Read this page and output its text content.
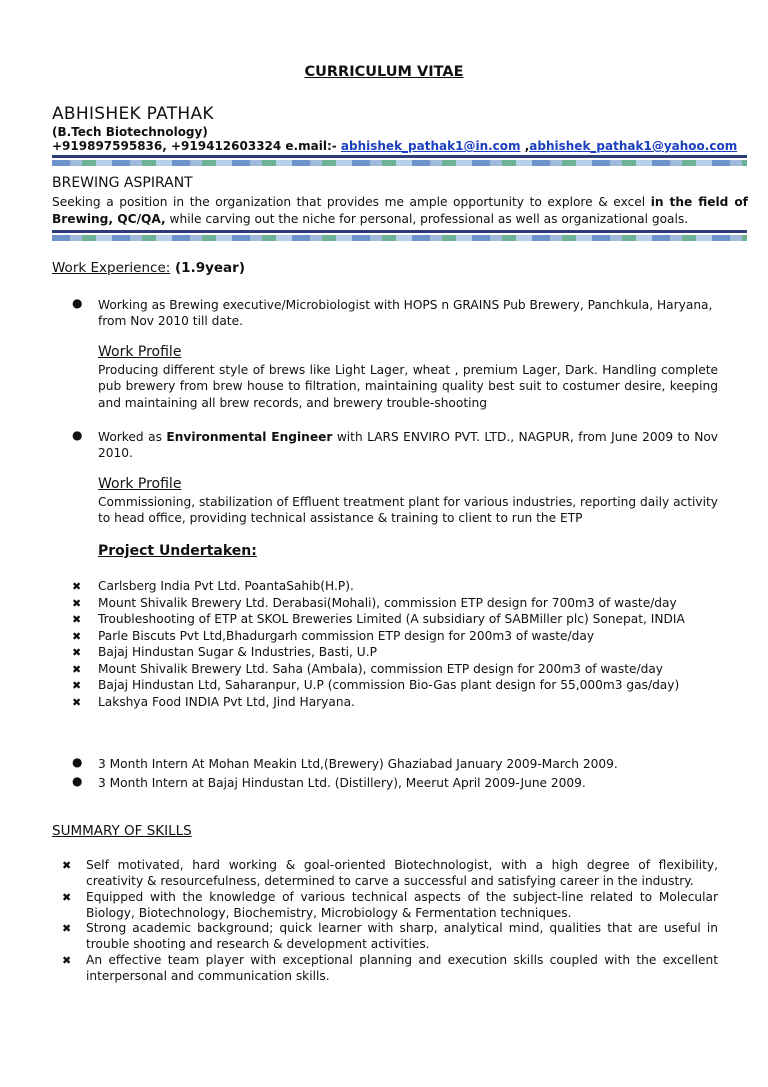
CURRICULUM VITAE
ABHISHEK PATHAK
(B.Tech Biotechnology)
+919897595836, +919412603324 e.mail:- abhishek_pathak1@in.com ,abhishek_pathak1@yahoo.com
BREWING ASPIRANT
Seeking a position in the organization that provides me ample opportunity to explore & excel in the field of Brewing, QC/QA, while carving out the niche for personal, professional as well as organizational goals.
Work Experience: (1.9year)
● Working as Brewing executive/Microbiologist with HOPS n GRAINS Pub Brewery, Panchkula, Haryana, from Nov 2010 till date.
Work Profile
Producing different style of brews like Light Lager, wheat , premium Lager, Dark. Handling complete pub brewery from brew house to filtration, maintaining quality best suit to costumer desire, keeping and maintaining all brew records, and brewery trouble-shooting
● Worked as Environmental Engineer with LARS ENVIRO PVT. LTD., NAGPUR, from June 2009 to Nov 2010.
Work Profile
Commissioning, stabilization of Effluent treatment plant for various industries, reporting daily activity to head office, providing technical assistance & training to client to run the ETP
Project Undertaken:
✖ Carlsberg India Pvt Ltd. PoantaSahib(H.P).
✖ Mount Shivalik Brewery Ltd. Derabasi(Mohali), commission ETP design for 700m3 of waste/day
✖ Troubleshooting of ETP at SKOL Breweries Limited (A subsidiary of SABMiller plc) Sonepat, INDIA
✖ Parle Biscuts Pvt Ltd,Bhadurgarh commission ETP design for 200m3 of waste/day
✖ Bajaj Hindustan Sugar & Industries, Basti, U.P
✖ Mount Shivalik Brewery Ltd. Saha (Ambala), commission ETP design for 200m3 of waste/day
✖ Bajaj Hindustan Ltd, Saharanpur, U.P (commission Bio-Gas plant design for 55,000m3 gas/day)
✖ Lakshya Food INDIA Pvt Ltd, Jind Haryana.
● 3 Month Intern At Mohan Meakin Ltd,(Brewery) Ghaziabad January 2009-March 2009.
● 3 Month Intern at Bajaj Hindustan Ltd. (Distillery), Meerut April 2009-June 2009.
SUMMARY OF SKILLS
✖ Self motivated, hard working & goal-oriented Biotechnologist, with a high degree of flexibility, creativity & resourcefulness, determined to carve a successful and satisfying career in the industry.
✖ Equipped with the knowledge of various technical aspects of the subject-line related to Molecular Biology, Biotechnology, Biochemistry, Microbiology & Fermentation techniques.
✖ Strong academic background; quick learner with sharp, analytical mind, qualities that are useful in trouble shooting and research & development activities.
✖ An effective team player with exceptional planning and execution skills coupled with the excellent interpersonal and communication skills.
